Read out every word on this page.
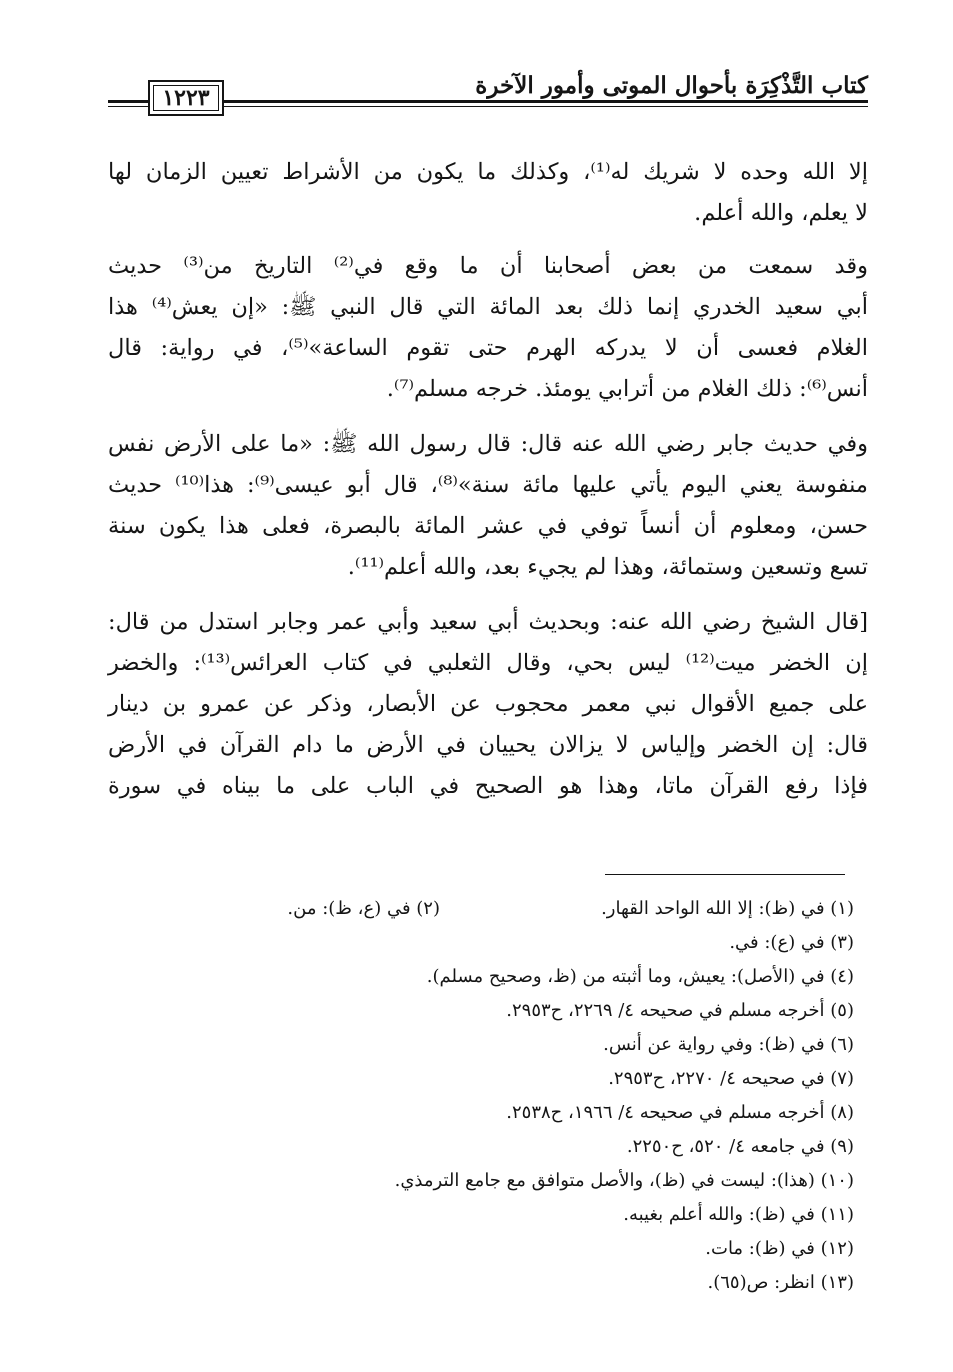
كتاب التَّذْكِرَة بأحوال الموتى وأمور الآخرة
١٢٢٣

إلا الله وحده لا شريك له⁽¹⁾، وكذلك ما يكون من الأشراط تعيين الزمان لها
لا يعلم، والله أعلم.

وقد سمعت من بعض أصحابنا أن ما وقع في⁽²⁾ التاريخ من⁽³⁾ حديث
أبي سعيد الخدري إنما ذلك بعد المائة التي قال النبي ﷺ: «إن يعش⁽⁴⁾ هذا
الغلام فعسى أن لا يدركه الهرم حتى تقوم الساعة»⁽⁵⁾، في رواية: قال
أنس⁽⁶⁾: ذلك الغلام من أترابي يومئذ. خرجه مسلم⁽⁷⁾.

وفي حديث جابر رضي الله عنه قال: قال رسول الله ﷺ: «ما على الأرض نفس
منفوسة يعني اليوم يأتي عليها مائة سنة»⁽⁸⁾، قال أبو عيسى⁽⁹⁾: هذا⁽¹⁰⁾ حديث
حسن، ومعلوم أن أنساً توفي في عشر المائة بالبصرة، فعلى هذا يكون سنة
تسع وتسعين وستمائة، وهذا لم يجيء بعد، والله أعلم⁽¹¹⁾.

[قال الشيخ رضي الله عنه: وبحديث أبي سعيد وأبي عمر وجابر استدل من قال:
إن الخضر ميت⁽¹²⁾ ليس بحي، وقال الثعلبي في كتاب العرائس⁽¹³⁾: والخضر
على جميع الأقوال نبي معمر محجوب عن الأبصار، وذكر عن عمرو بن دينار
قال: إن الخضر وإلياس لا يزالان يحييان في الأرض ما دام القرآن في الأرض
فإذا رفع القرآن ماتا، وهذا هو الصحيح في الباب على ما بيناه في سورة

(١) في (ظ): إلا الله الواحد القهار.
(٢) في (ع، ظ): من.
(٣) في (ع): في.
(٤) في (الأصل): يعيش، وما أثبته من (ظ، وصحيح مسلم).
(٥) أخرجه مسلم في صحيحه ٤/ ٢٢٦٩، ح٢٩٥٣.
(٦) في (ظ): وفي رواية عن أنس.
(٧) في صحيحه ٤/ ٢٢٧٠، ح٢٩٥٣.
(٨) أخرجه مسلم في صحيحه ٤/ ١٩٦٦، ح٢٥٣٨.
(٩) في جامعه ٤/ ٥٢٠، ح٢٢٥٠.
(١٠) (هذا): ليست في (ظ)، والأصل متوافق مع جامع الترمذي.
(١١) في (ظ): والله أعلم بغيبه.
(١٢) في (ظ): مات.
(١٣) انظر: ص(٦٥).
